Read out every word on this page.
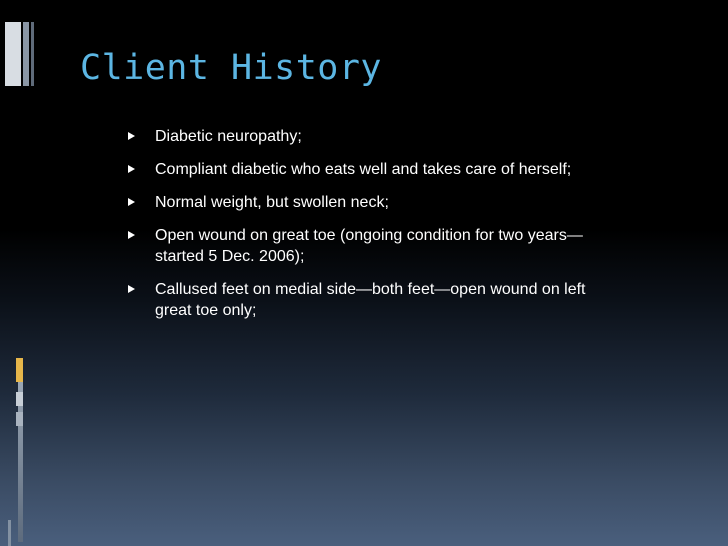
Client History
Diabetic neuropathy;
Compliant diabetic who eats well and takes care of herself;
Normal weight, but swollen neck;
Open wound on great toe (ongoing condition for two years—started 5 Dec. 2006);
Callused feet on medial side—both feet—open wound on left great toe only;
